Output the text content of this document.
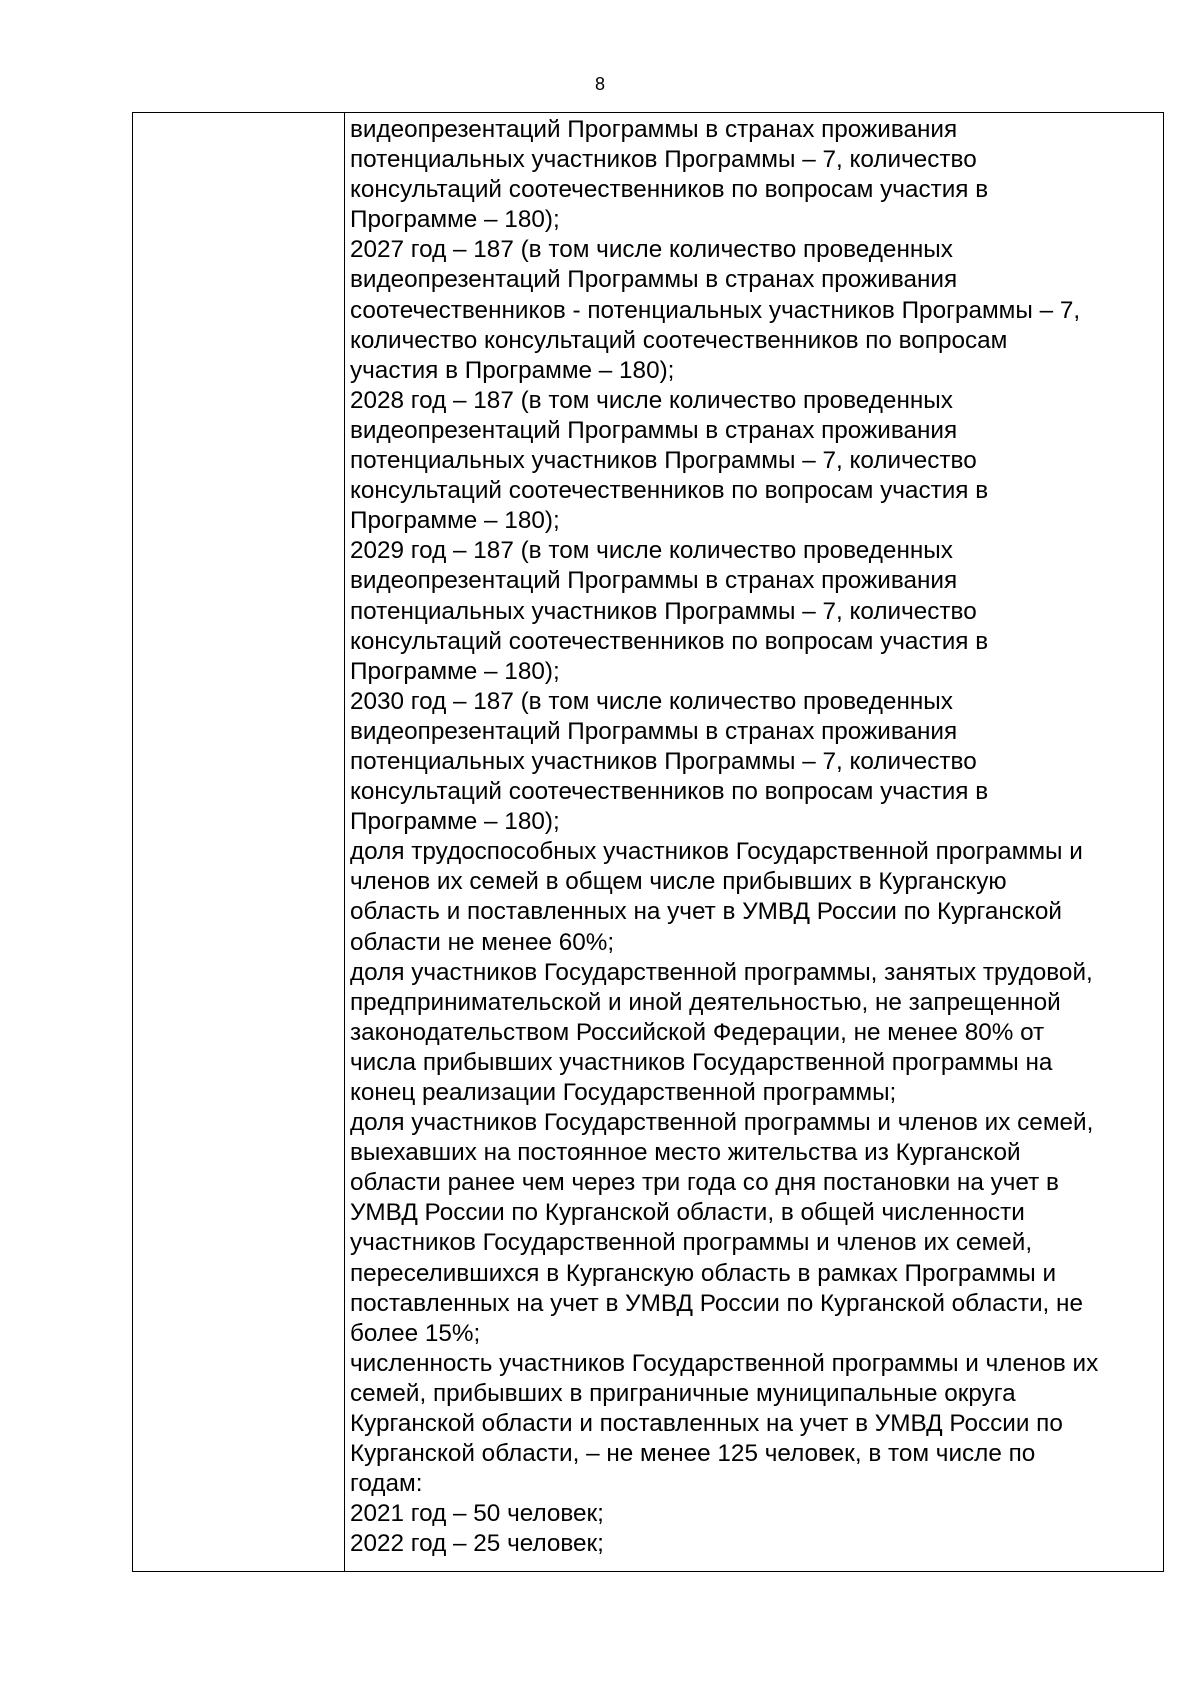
8

видеопрезентаций Программы в странах проживания
потенциальных участников Программы – 7, количество
консультаций соотечественников по вопросам участия в
Программе – 180);

2027 год – 187 (в том числе количество проведенных
видеопрезентаций Программы в странах проживания
соотечественников - потенциальных участников Программы – 7,
количество консультаций соотечественников по вопросам
участия в Программе – 180);

2028 год – 187 (в том числе количество проведенных
видеопрезентаций Программы в странах проживания
потенциальных участников Программы – 7, количество
консультаций соотечественников по вопросам участия в
Программе – 180);

2029 год – 187 (в том числе количество проведенных
видеопрезентаций Программы в странах проживания
потенциальных участников Программы – 7, количество
консультаций соотечественников по вопросам участия в
Программе – 180);

2030 год – 187 (в том числе количество проведенных
видеопрезентаций Программы в странах проживания
потенциальных участников Программы – 7, количество
консультаций соотечественников по вопросам участия в
Программе – 180);

доля трудоспособных участников Государственной программы и
членов их семей в общем числе прибывших в Курганскую
область и поставленных на учет в УМВД России по Курганской
области не менее 60%;

доля участников Государственной программы, занятых трудовой,
предпринимательской и иной деятельностью, не запрещенной
законодательством Российской Федерации, не менее 80% от
числа прибывших участников Государственной программы на
конец реализации Государственной программы;

доля участников Государственной программы и членов их семей,
выехавших на постоянное место жительства из Курганской
области ранее чем через три года со дня постановки на учет в
УМВД России по Курганской области, в общей численности
участников Государственной программы и членов их семей,
переселившихся в Курганскую область в рамках Программы и
поставленных на учет в УМВД России по Курганской области, не
более 15%;

численность участников Государственной программы и членов их
семей, прибывших в приграничные муниципальные округа
Курганской области и поставленных на учет в УМВД России по
Курганской области, – не менее 125 человек, в том числе по
годам:

2021 год – 50 человек;

2022 год – 25 человек;
